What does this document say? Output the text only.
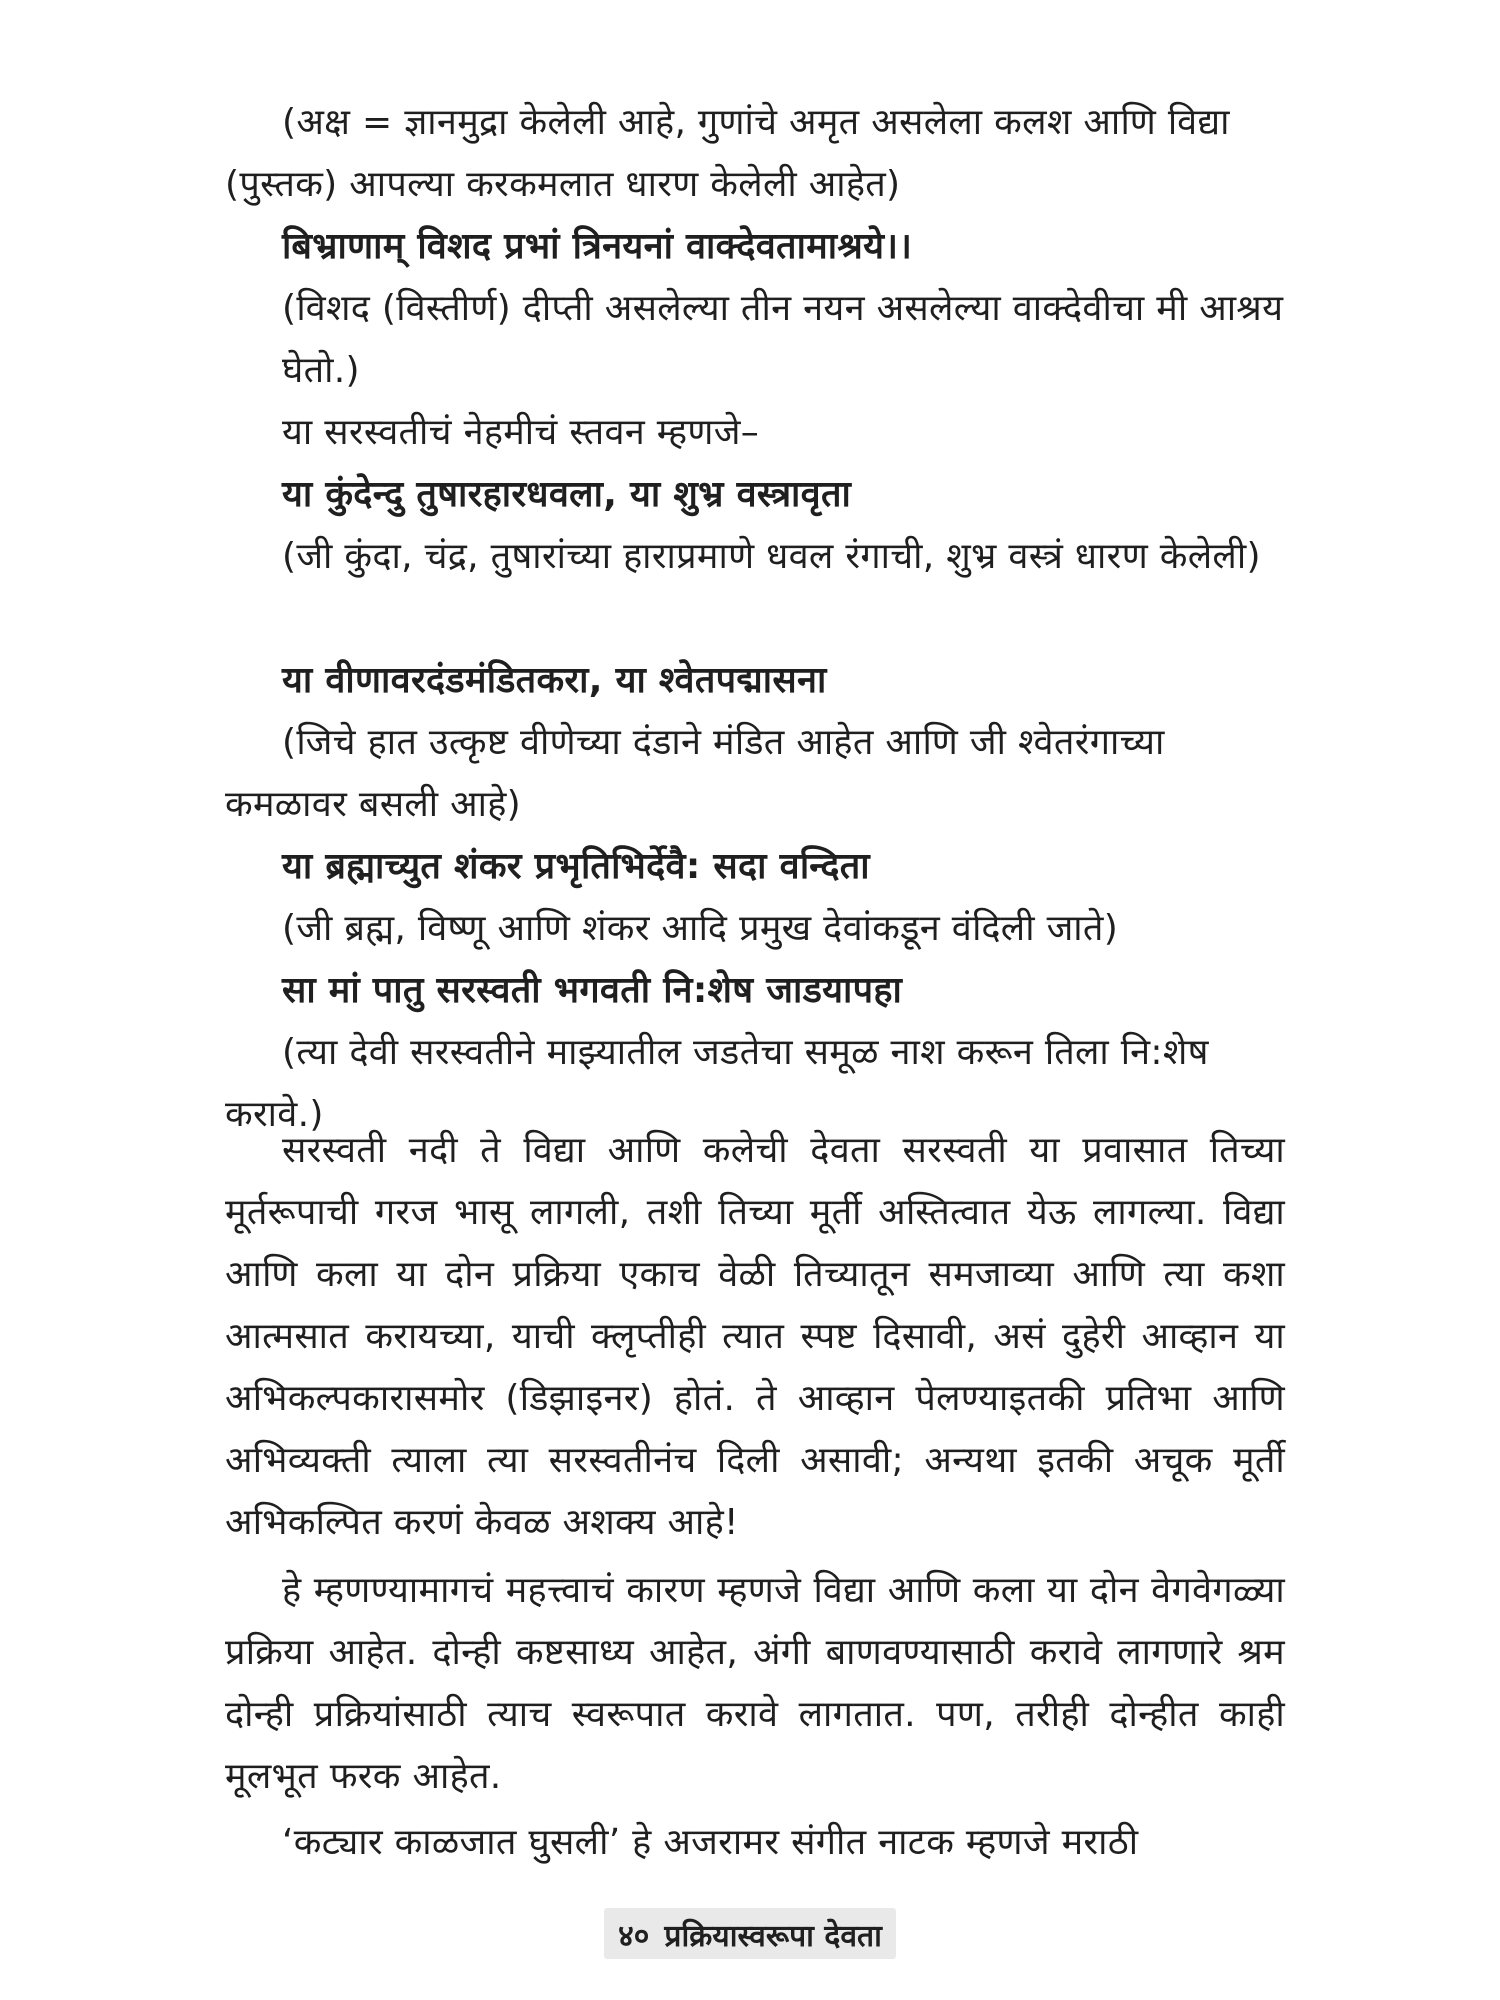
(अक्ष = ज्ञानमुद्रा केलेली आहे, गुणांचे अमृत असलेला कलश आणि विद्या (पुस्तक) आपल्या करकमलात धारण केलेली आहेत)
बिभ्राणाम् विशद प्रभां त्रिनयनां वाक्देवतामाश्रये।।
(विशद (विस्तीर्ण) दीप्ती असलेल्या तीन नयन असलेल्या वाक्देवीचा मी आश्रय घेतो.)
या सरस्वतीचं नेहमीचं स्तवन म्हणजे–
या कुंदेन्दु तुषारहारधवला, या शुभ्र वस्त्रावृता
(जी कुंदा, चंद्र, तुषारांच्या हाराप्रमाणे धवल रंगाची, शुभ्र वस्त्रं धारण केलेली)
या वीणावरदंडमंडितकरा, या श्वेतपद्मासना
(जिचे हात उत्कृष्ट वीणेच्या दंडाने मंडित आहेत आणि जी श्वेतरंगाच्या कमळावर बसली आहे)
या ब्रह्माच्युत शंकर प्रभृतिभिर्देवै: सदा वन्दिता
(जी ब्रह्म, विष्णू आणि शंकर आदि प्रमुख देवांकडून वंदिली जाते)
सा मां पातु सरस्वती भगवती नि:शेष जाडयापहा
(त्या देवी सरस्वतीने माझ्यातील जडतेचा समूळ नाश करून तिला नि:शेष करावे.)
सरस्वती नदी ते विद्या आणि कलेची देवता सरस्वती या प्रवासात तिच्या मूर्तरूपाची गरज भासू लागली, तशी तिच्या मूर्ती अस्तित्वात येऊ लागल्या. विद्या आणि कला या दोन प्रक्रिया एकाच वेळी तिच्यातून समजाव्या आणि त्या कशा आत्मसात करायच्या, याची क्लृप्तीही त्यात स्पष्ट दिसावी, असं दुहेरी आव्हान या अभिकल्पकारासमोर (डिझाइनर) होतं. ते आव्हान पेलण्याइतकी प्रतिभा आणि अभिव्यक्ती त्याला त्या सरस्वतीनंच दिली असावी; अन्यथा इतकी अचूक मूर्ती अभिकल्पित करणं केवळ अशक्य आहे!
हे म्हणण्यामागचं महत्त्वाचं कारण म्हणजे विद्या आणि कला या दोन वेगवेगळ्या प्रक्रिया आहेत. दोन्ही कष्टसाध्य आहेत, अंगी बाणवण्यासाठी करावे लागणारे श्रम दोन्ही प्रक्रियांसाठी त्याच स्वरूपात करावे लागतात. पण, तरीही दोन्हीत काही मूलभूत फरक आहेत.
‘कट्यार काळजात घुसली’ हे अजरामर संगीत नाटक म्हणजे मराठी
४० प्रक्रियास्वरूपा देवता
